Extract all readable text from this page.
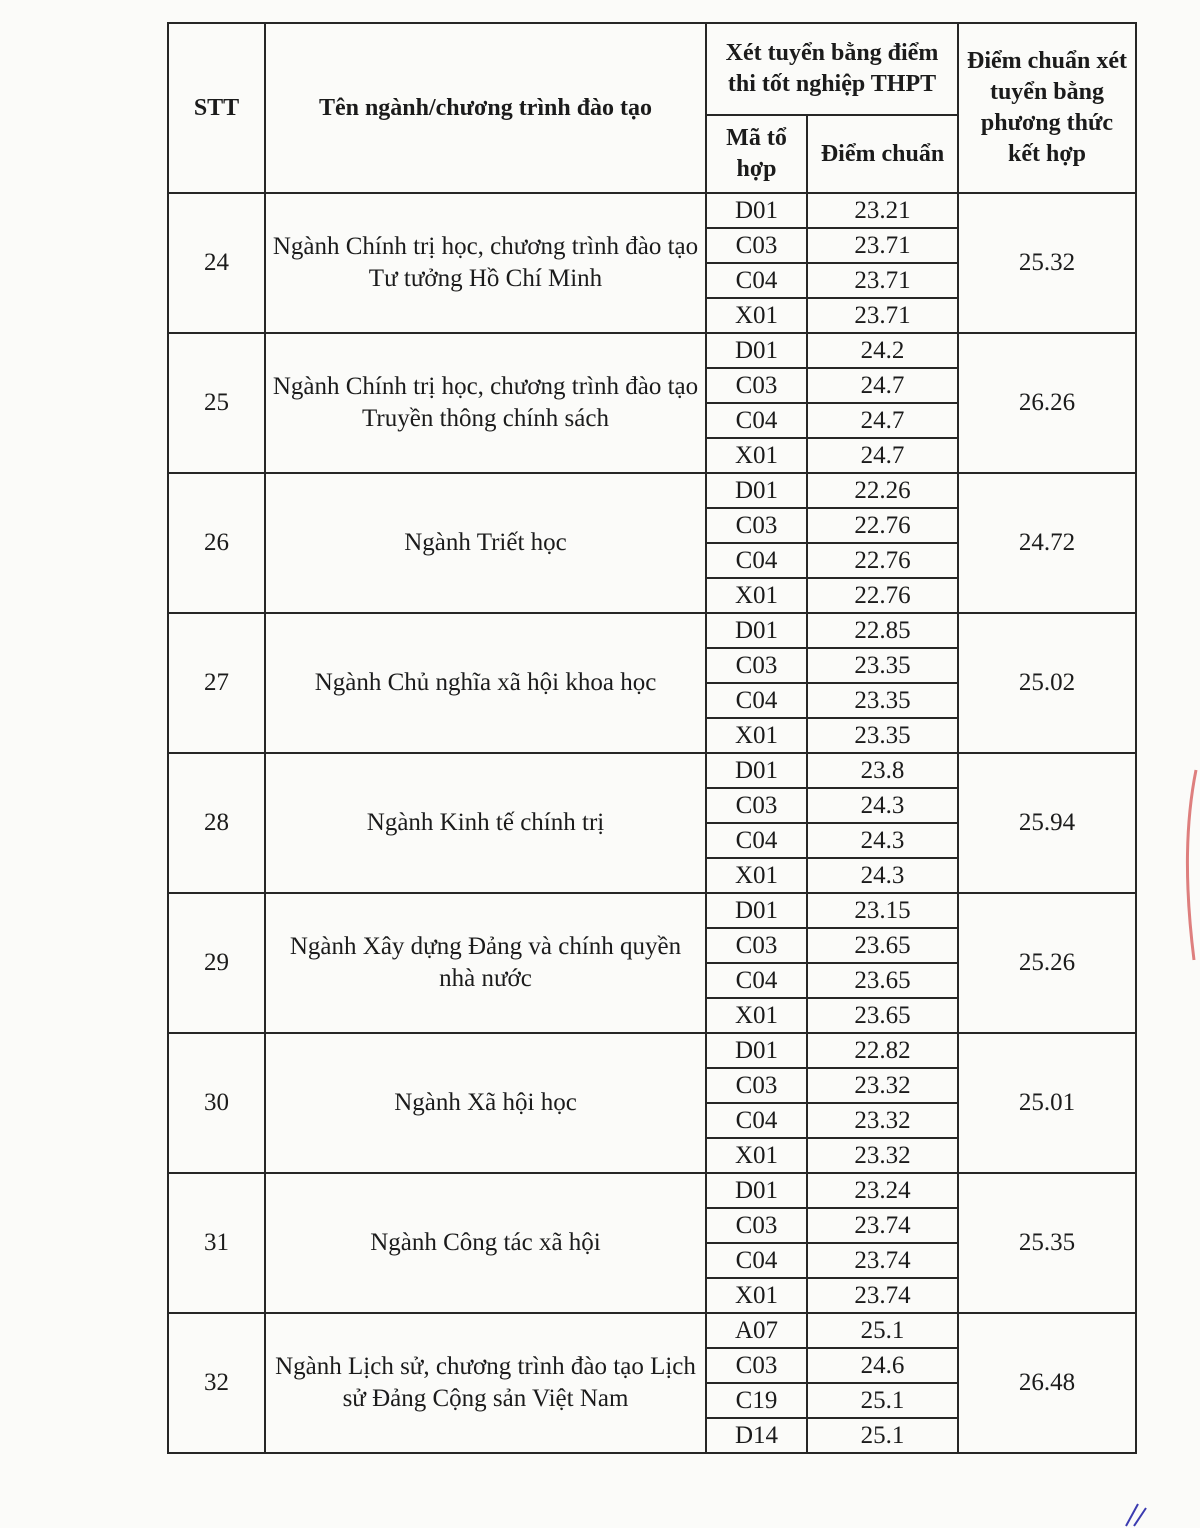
STT	Tên ngành/chương trình đào tạo	Xét tuyển bằng điểm thi tốt nghiệp THPT		Điểm chuẩn xét tuyển bằng phương thức kết hợp
		Mã tổ hợp	Điểm chuẩn	
24	Ngành Chính trị học, chương trình đào tạo Tư tưởng Hồ Chí Minh	D01	23.21	25.32
		C03	23.71	
		C04	23.71	
		X01	23.71	
25	Ngành Chính trị học, chương trình đào tạo Truyền thông chính sách	D01	24.2	26.26
		C03	24.7	
		C04	24.7	
		X01	24.7	
26	Ngành Triết học	D01	22.26	24.72
		C03	22.76	
		C04	22.76	
		X01	22.76	
27	Ngành Chủ nghĩa xã hội khoa học	D01	22.85	25.02
		C03	23.35	
		C04	23.35	
		X01	23.35	
28	Ngành Kinh tế chính trị	D01	23.8	25.94
		C03	24.3	
		C04	24.3	
		X01	24.3	
29	Ngành Xây dựng Đảng và chính quyền nhà nước	D01	23.15	25.26
		C03	23.65	
		C04	23.65	
		X01	23.65	
30	Ngành Xã hội học	D01	22.82	25.01
		C03	23.32	
		C04	23.32	
		X01	23.32	
31	Ngành Công tác xã hội	D01	23.24	25.35
		C03	23.74	
		C04	23.74	
		X01	23.74	
32	Ngành Lịch sử, chương trình đào tạo Lịch sử Đảng Cộng sản Việt Nam	A07	25.1	26.48
		C03	24.6	
		C19	25.1	
		D14	25.1	
